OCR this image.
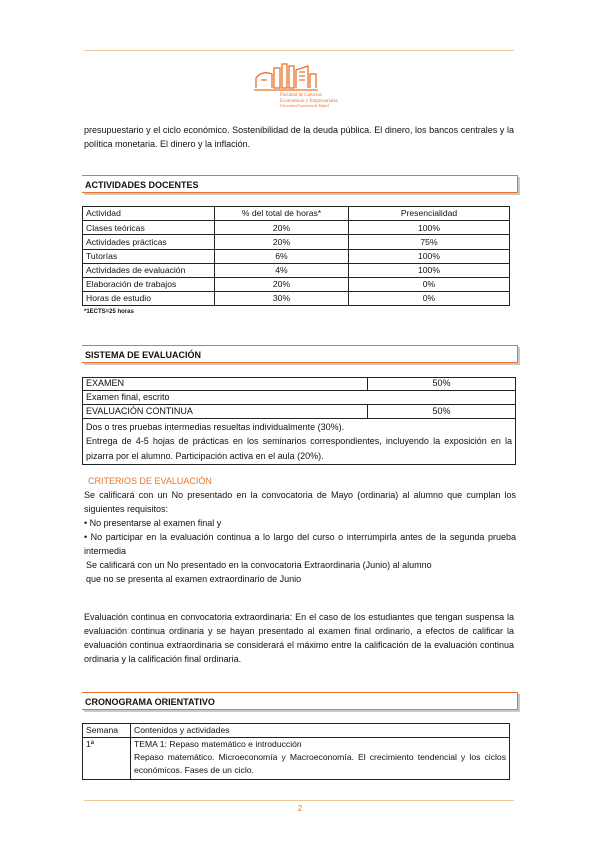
Facultad de Ciencias
Económicas y Empresariales
Universidad Autónoma de Madrid
presupuestario y el ciclo económico. Sostenibilidad de la deuda pública. El dinero, los bancos centrales y la política monetaria. El dinero y la inflación.
ACTIVIDADES DOCENTES
Actividad	% del total de horas*	Presencialidad
Clases teóricas	20%	100%
Actividades prácticas	20%	75%
Tutorías	6%	100%
Actividades de evaluación	4%	100%
Elaboración de trabajos	20%	0%
Horas de estudio	30%	0%
*1ECTS=25 horas
SISTEMA DE EVALUACIÓN
EXAMEN	50%
Examen final, escrito
EVALUACIÓN CONTINUA	50%
Dos o tres pruebas intermedias resueltas individualmente (30%).
Entrega de 4-5 hojas de prácticas en los seminarios correspondientes, incluyendo la exposición en la pizarra por el alumno. Participación activa en el aula (20%).
CRITERIOS DE EVALUACIÓN
Se calificará con un No presentado en la convocatoria de Mayo (ordinaria) al alumno que cumplan los siguientes requisitos:
• No presentarse al examen final y
• No participar en la evaluación continua a lo largo del curso o interrumpirla antes de la segunda prueba intermedia
Se calificará con un No presentado en la convocatoria Extraordinaria (Junio) al alumno
que no se presenta al examen extraordinario de Junio
Evaluación continua en convocatoria extraordinaria: En el caso de los estudiantes que tengan suspensa la evaluación continua ordinaria y se hayan presentado al examen final ordinario, a efectos de calificar la evaluación continua extraordinaria se considerará el máximo entre la calificación de la evaluación continua ordinaria y la calificación final ordinaria.
CRONOGRAMA ORIENTATIVO
Semana	Contenidos y actividades
1ª	TEMA 1: Repaso matemático e introducción
Repaso matemático. Microeconomía y Macroeconomía. El crecimiento tendencial y los ciclos económicos. Fases de un ciclo.
2
